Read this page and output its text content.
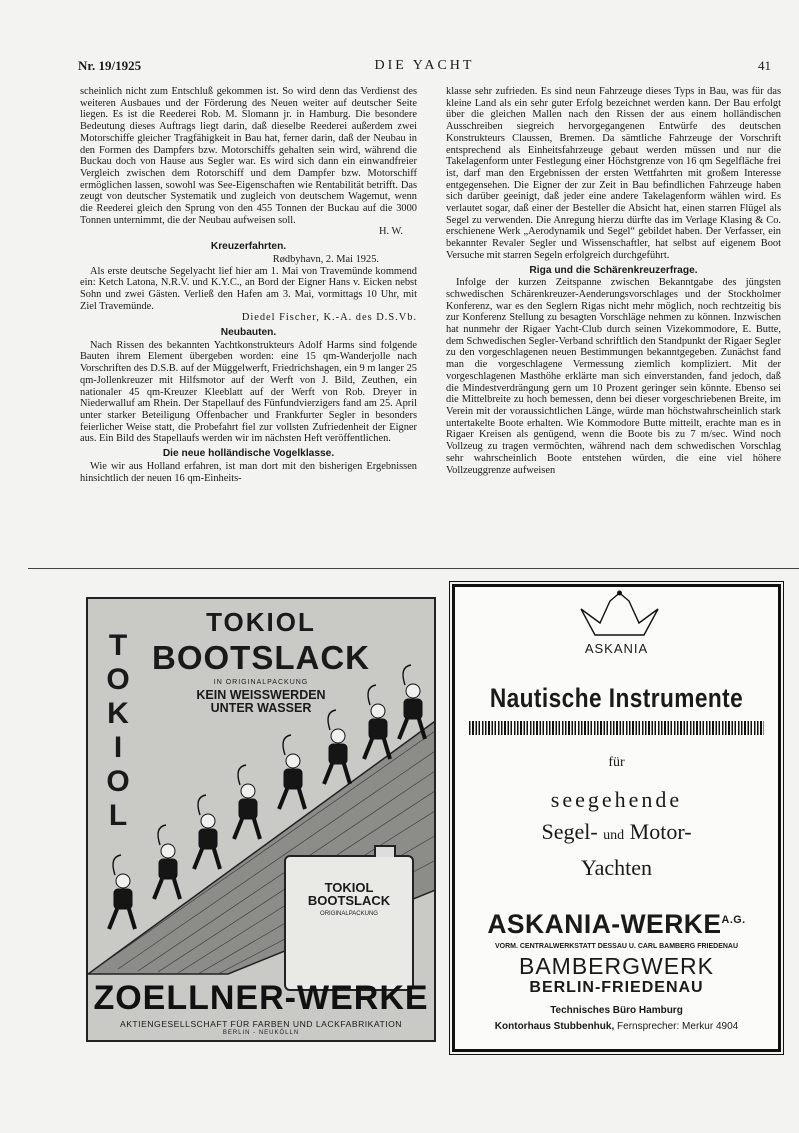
Nr. 19/1925	DIE YACHT	41

scheinlich nicht zum Entschluß gekommen ist. So wird denn das Verdienst des weiteren Ausbaues und der Förderung des Neuen weiter auf deutscher Seite liegen. Es ist die Reederei Rob. M. Slomann jr. in Hamburg. Die besondere Bedeutung dieses Auftrags liegt darin, daß dieselbe Reederei außerdem zwei Motorschiffe gleicher Tragfähigkeit in Bau hat, ferner darin, daß der Neubau in den Formen des Dampfers bzw. Motorschiffs gehalten sein wird, während die Buckau doch von Hause aus Segler war. Es wird sich dann ein einwandfreier Vergleich zwischen dem Rotorschiff und dem Dampfer bzw. Motorschiff ermöglichen lassen, sowohl was See-Eigenschaften wie Rentabilität betrifft. Das zeugt von deutscher Systematik und zugleich von deutschem Wagemut, wenn die Reederei gleich den Sprung von den 455 Tonnen der Buckau auf die 3000 Tonnen unternimmt, die der Neubau aufweisen soll.

H. W.
Kreuzerfahrten.
Rødbyhavn, 2. Mai 1925.

Als erste deutsche Segelyacht lief hier am 1. Mai von Travemünde kommend ein: Ketch Latona, N.R.V. und K.Y.C., an Bord der Eigner Hans v. Eicken nebst Sohn und zwei Gästen. Verließ den Hafen am 3. Mai, vormittags 10 Uhr, mit Ziel Travemünde.

Diedel Fischer, K.-A. des D.S.Vb.
Neubauten.

Nach Rissen des bekannten Yachtkonstrukteurs Adolf Harms sind folgende Bauten ihrem Element übergeben worden: eine 15 qm-Wanderjolle nach Vorschriften des D.S.B. auf der Müggelwerft, Friedrichshagen, ein 9 m langer 25 qm-Jollenkreuzer mit Hilfsmotor auf der Werft von J. Bild, Zeuthen, ein nationaler 45 qm-Kreuzer Kleeblatt auf der Werft von Rob. Dreyer in Niederwalluf am Rhein. Der Stapellauf des Fünfundvierzigers fand am 25. April unter starker Beteiligung Offenbacher und Frankfurter Segler in besonders feierlicher Weise statt, die Probefahrt fiel zur vollsten Zufriedenheit der Eigner aus. Ein Bild des Stapellaufs werden wir im nächsten Heft veröffentlichen.

Die neue holländische Vogelklasse.

Wie wir aus Holland erfahren, ist man dort mit den bisherigen Ergebnissen hinsichtlich der neuen 16 qm-Einheits-

klasse sehr zufrieden. Es sind neun Fahrzeuge dieses Typs in Bau, was für das kleine Land als ein sehr guter Erfolg bezeichnet werden kann. Der Bau erfolgt über die gleichen Mallen nach den Rissen der aus einem holländischen Ausschreiben siegreich hervorgegangenen Entwürfe des deutschen Konstrukteurs Claussen, Bremen. Da sämtliche Fahrzeuge der Vorschrift entsprechend als Einheitsfahrzeuge gebaut werden müssen und nur die Takelagenform unter Festlegung einer Höchstgrenze von 16 qm Segelfläche frei ist, darf man den Ergebnissen der ersten Wettfahrten mit großem Interesse entgegensehen. Die Eigner der zur Zeit in Bau befindlichen Fahrzeuge haben sich darüber geeinigt, daß jeder eine andere Takelagenform wählen wird. Es verlautet sogar, daß einer der Besteller die Absicht hat, einen starren Flügel als Segel zu verwenden. Die Anregung hierzu dürfte das im Verlage Klasing & Co. erschienene Werk „Aerodynamik und Segel“ gebildet haben. Der Verfasser, ein bekannter Revaler Segler und Wissenschaftler, hat selbst auf eigenem Boot Versuche mit starren Segeln erfolgreich durchgeführt.

Riga und die Schärenkreuzerfrage.

Infolge der kurzen Zeitspanne zwischen Bekanntgabe des jüngsten schwedischen Schärenkreuzer-Aenderungsvorschlages und der Stockholmer Konferenz, war es den Seglern Rigas nicht mehr möglich, noch rechtzeitig bis zur Konferenz Stellung zu besagten Vorschläge nehmen zu können. Inzwischen hat nunmehr der Rigaer Yacht-Club durch seinen Vizekommodore, E. Butte, dem Schwedischen Segler-Verband schriftlich den Standpunkt der Rigaer Segler zu den vorgeschlagenen neuen Bestimmungen bekanntgegeben. Zunächst fand man die vorgeschlagene Vermessung ziemlich kompliziert. Mit der vorgeschlagenen Masthöhe erklärte man sich einverstanden, fand jedoch, daß die Mindestverdrängung gern um 10 Prozent geringer sein könnte. Ebenso sei die Mittelbreite zu hoch bemessen, denn bei dieser vorgeschriebenen Breite, im Verein mit der voraussichtlichen Länge, würde man höchstwahrscheinlich stark untertakelte Boote erhalten. Wie Kommodore Butte mitteilt, erachte man es in Rigaer Kreisen als genügend, wenn die Boote bis zu 7 m/sec. Wind noch Vollzeug zu tragen vermöchten, während nach dem schwedischen Vorschlag sehr wahrscheinlich Boote entstehen würden, die eine viel höhere Vollzeuggrenze aufweisen

T
O
K
I
O
L
TOKIOL
BOOTSLACK
IN ORIGINALPACKUNG
KEIN WEISSWERDEN
UNTER WASSER
TOKIOL
BOOTSLACK
ORIGINALPACKUNG
ZOELLNER-WERKE
AKTIENGESELLSCHAFT FÜR FARBEN UND LACKFABRIKATION
BERLIN - NEUKÖLLN
ASKANIA
Nautische Instrumente
für
seegehende
Segel- und Motor-
Yachten
ASKANIA-$WERKE^{A.G.}$
VORM. CENTRALWERKSTATT DESSAU U. CARL BAMBERG FRIEDENAU
BAMBERGWERK
BERLIN-FRIEDENAU
Technisches Büro Hamburg
Kontorhaus Stubbenhuk, Fernsprecher: Merkur 4904
